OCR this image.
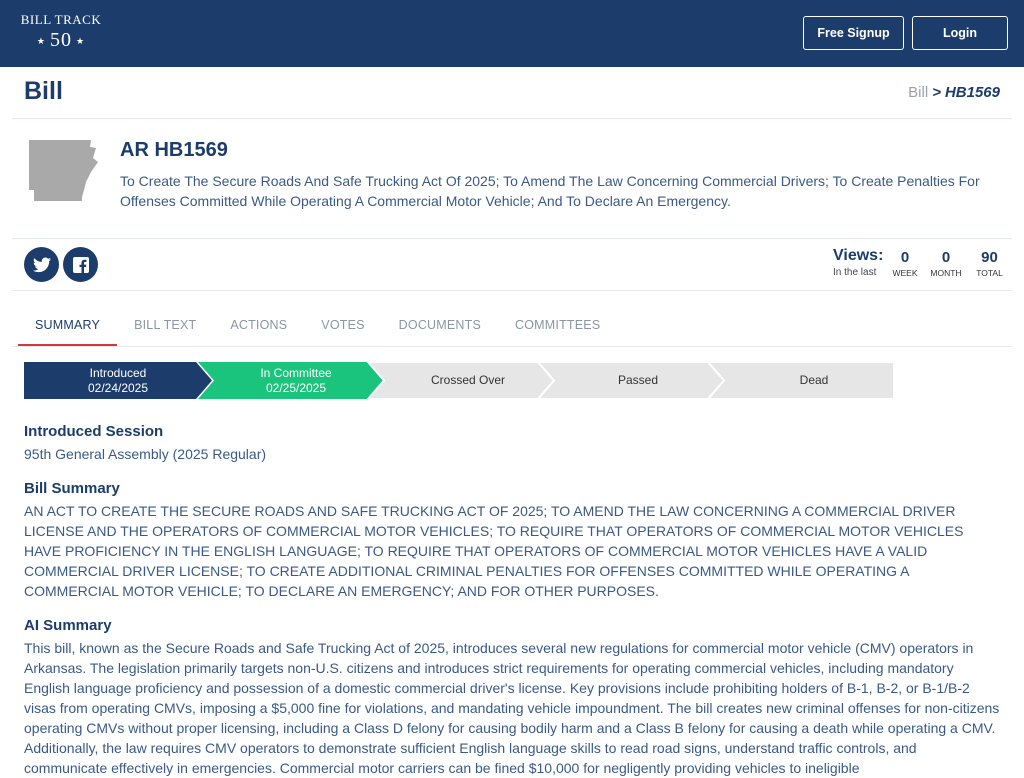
BILL TRACK
★ 50 ★
Free Signup	Login
Bill	Bill > HB1569
AR HB1569
To Create The Secure Roads And Safe Trucking Act Of 2025; To Amend The Law Concerning Commercial Drivers; To Create Penalties For Offenses Committed While Operating A Commercial Motor Vehicle; And To Declare An Emergency.
Views:
In the last
0
WEEK
0
MONTH
90
TOTAL
SUMMARY	BILL TEXT	ACTIONS	VOTES	DOCUMENTS	COMMITTEES
Introduced
02/24/2025
In Committee
02/25/2025
Crossed Over	Passed	Dead
Introduced Session
95th General Assembly (2025 Regular)
Bill Summary
AN ACT TO CREATE THE SECURE ROADS AND SAFE TRUCKING ACT OF 2025; TO AMEND THE LAW CONCERNING A COMMERCIAL DRIVER LICENSE AND THE OPERATORS OF COMMERCIAL MOTOR VEHICLES; TO REQUIRE THAT OPERATORS OF COMMERCIAL MOTOR VEHICLES HAVE PROFICIENCY IN THE ENGLISH LANGUAGE; TO REQUIRE THAT OPERATORS OF COMMERCIAL MOTOR VEHICLES HAVE A VALID COMMERCIAL DRIVER LICENSE; TO CREATE ADDITIONAL CRIMINAL PENALTIES FOR OFFENSES COMMITTED WHILE OPERATING A COMMERCIAL MOTOR VEHICLE; TO DECLARE AN EMERGENCY; AND FOR OTHER PURPOSES.
AI Summary
This bill, known as the Secure Roads and Safe Trucking Act of 2025, introduces several new regulations for commercial motor vehicle (CMV) operators in Arkansas. The legislation primarily targets non-U.S. citizens and introduces strict requirements for operating commercial vehicles, including mandatory English language proficiency and possession of a domestic commercial driver's license. Key provisions include prohibiting holders of B-1, B-2, or B-1/B-2 visas from operating CMVs, imposing a $5,000 fine for violations, and mandating vehicle impoundment. The bill creates new criminal offenses for non-citizens operating CMVs without proper licensing, including a Class D felony for causing bodily harm and a Class B felony for causing a death while operating a CMV. Additionally, the law requires CMV operators to demonstrate sufficient English language skills to read road signs, understand traffic controls, and communicate effectively in emergencies. Commercial motor carriers can be fined $10,000 for negligently providing vehicles to ineligible
